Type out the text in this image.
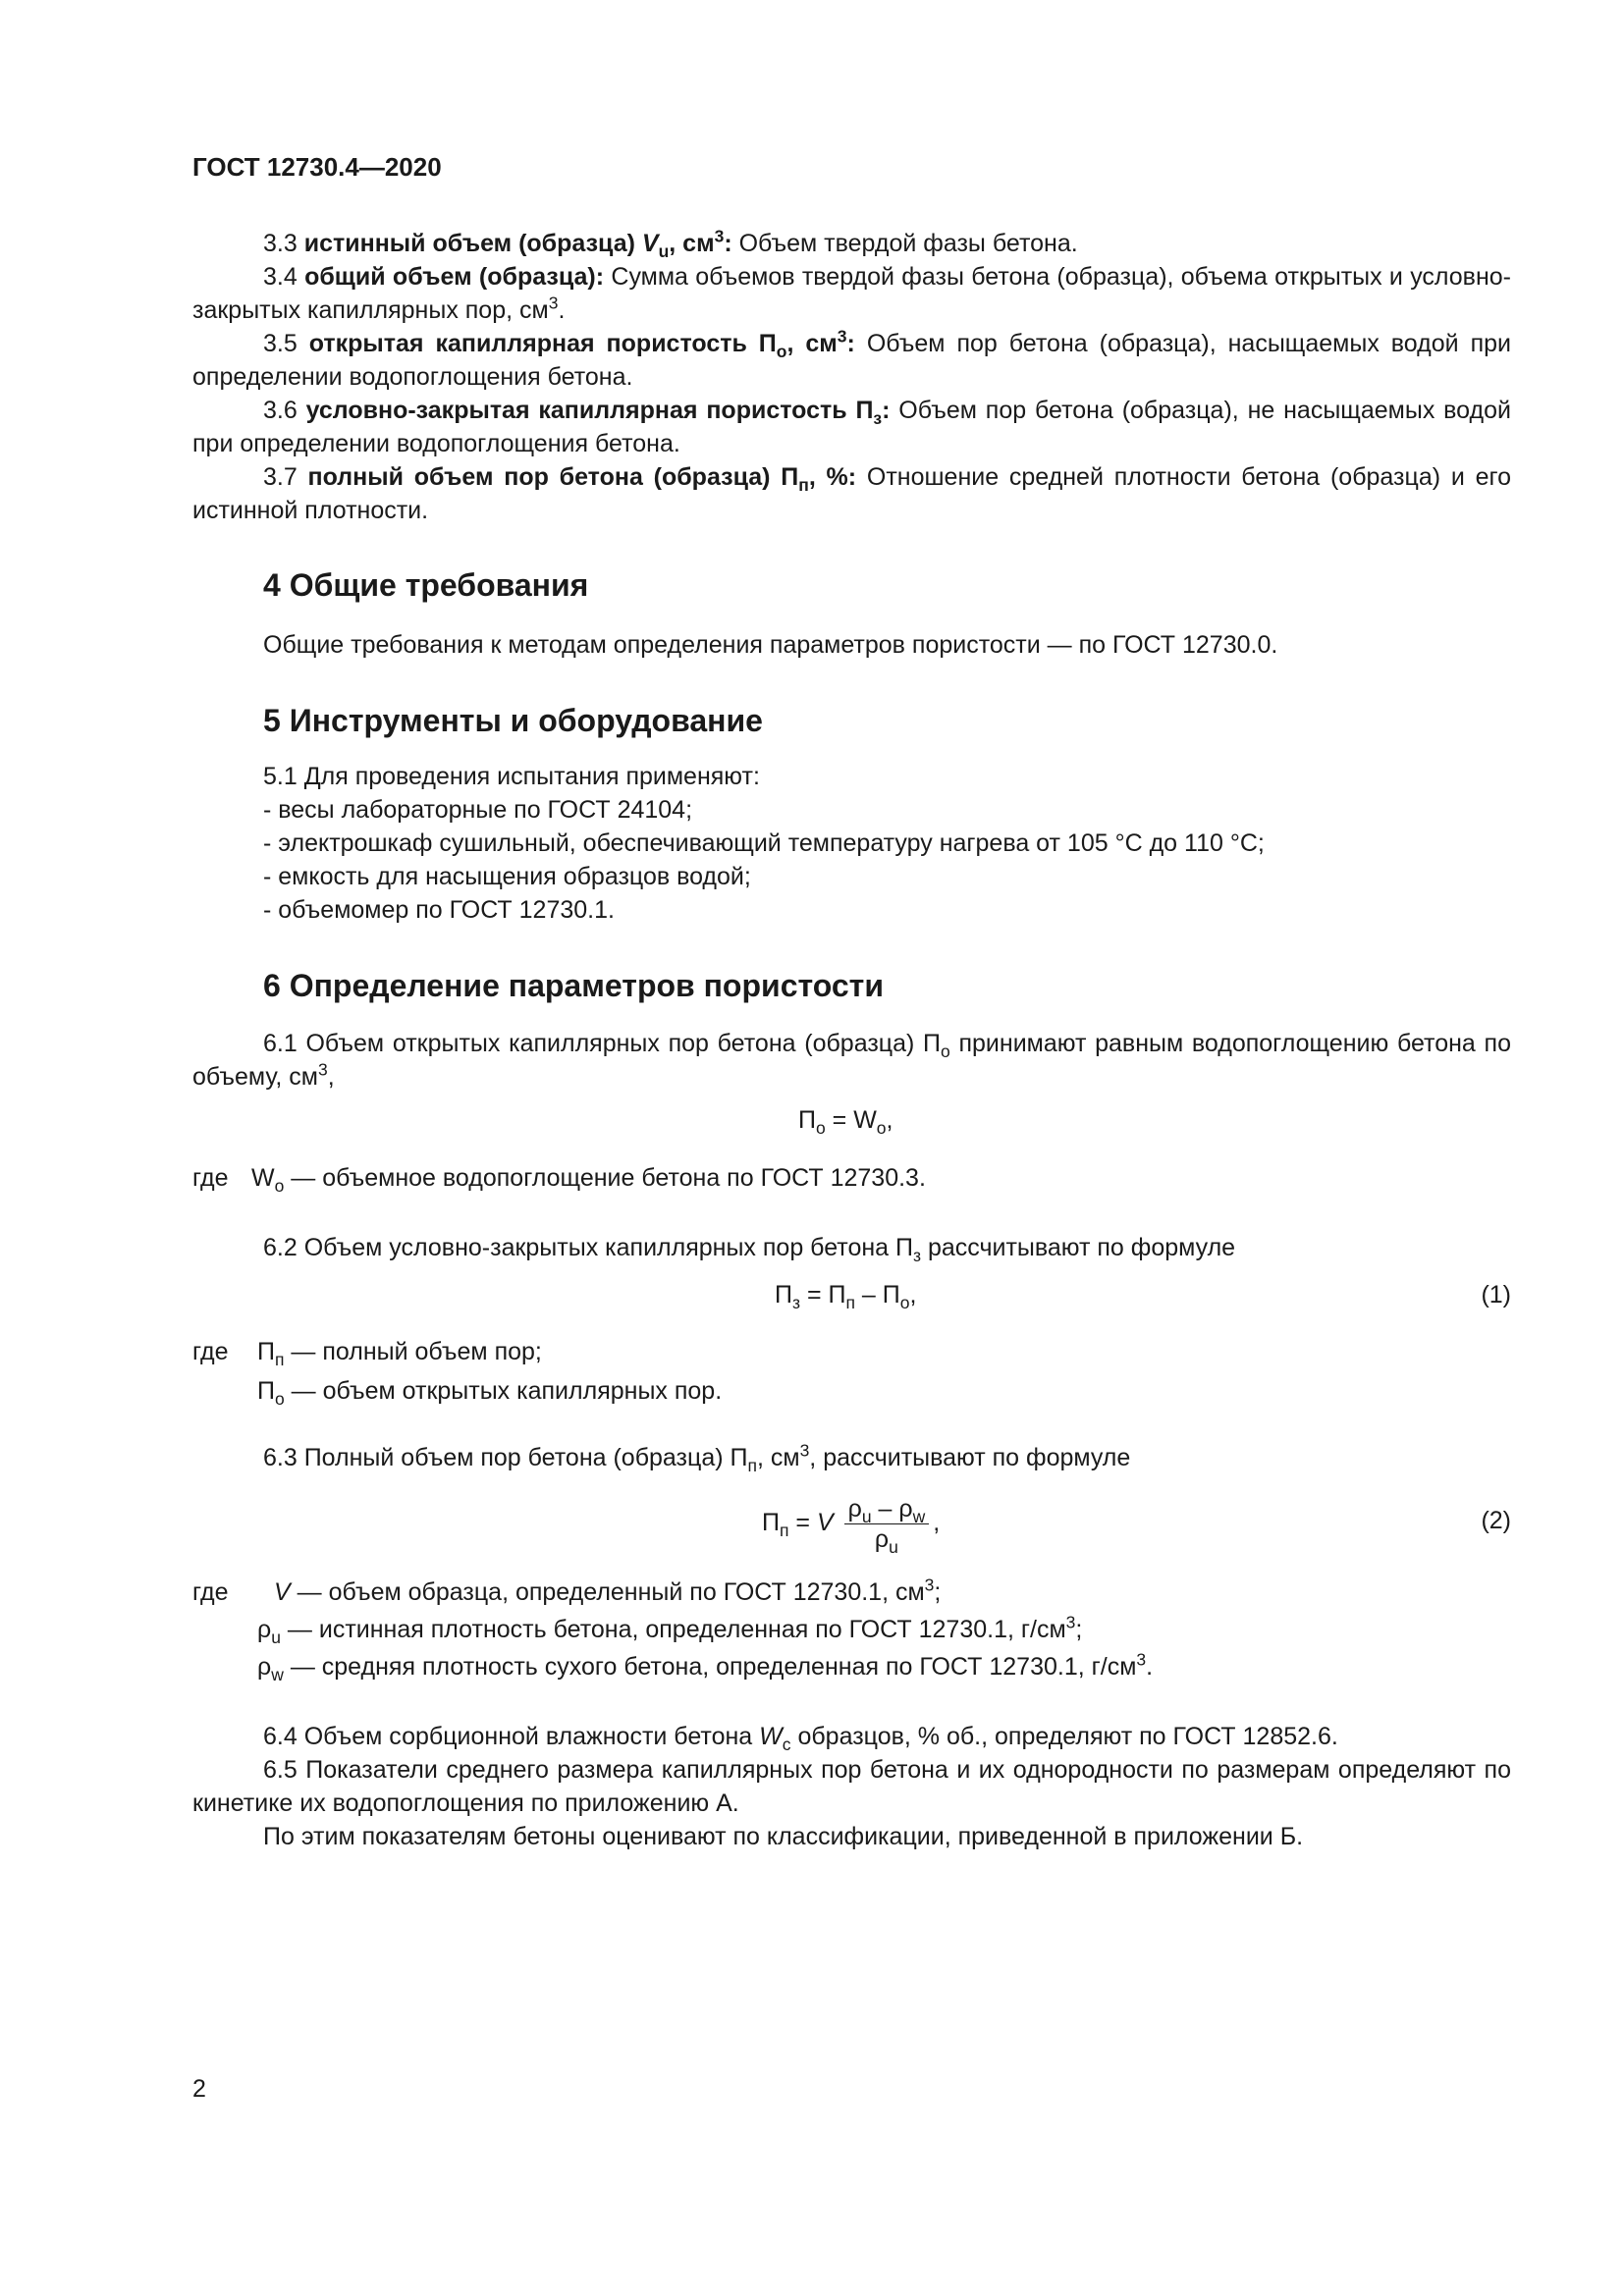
ГОСТ 12730.4—2020
3.3 истинный объем (образца) $V_u$, $см^3$: Объем твердой фазы бетона.
3.4 общий объем (образца): Сумма объемов твердой фазы бетона (образца), объема открытых и условно-закрытых капиллярных пор, $см^3$.
3.5 открытая капиллярная пористость $П_о$, $см^3$: Объем пор бетона (образца), насыщаемых водой при определении водопоглощения бетона.
3.6 условно-закрытая капиллярная пористость $П_з$: Объем пор бетона (образца), не насыщаемых водой при определении водопоглощения бетона.
3.7 полный объем пор бетона (образца) $П_п$, %: Отношение средней плотности бетона (образца) и его истинной плотности.
4 Общие требования
Общие требования к методам определения параметров пористости — по ГОСТ 12730.0.
5 Инструменты и оборудование
5.1 Для проведения испытания применяют:
- весы лабораторные по ГОСТ 24104;
- электрошкаф сушильный, обеспечивающий температуру нагрева от 105 °C до 110 °C;
- емкость для насыщения образцов водой;
- объемомер по ГОСТ 12730.1.
6 Определение параметров пористости
6.1 Объем открытых капиллярных пор бетона (образца) $П_о$ принимают равным водопоглощению бетона по объему, $см^3$,
$П_о = W_о$,
где $W_о$ — объемное водопоглощение бетона по ГОСТ 12730.3.
6.2 Объем условно-закрытых капиллярных пор бетона $П_з$ рассчитывают по формуле
$П_з = П_п - П_о$,	(1)
где $П_п$ — полный объем пор;
$П_о$ — объем открытых капиллярных пор.
6.3 Полный объем пор бетона (образца) $П_п$, $см^3$, рассчитывают по формуле
$П_п = V \frac{\rho_u - \rho_w}{\rho_u}$ ,	(2)
где V — объем образца, определенный по ГОСТ 12730.1, $см^3$;
$\rho_u$ — истинная плотность бетона, определенная по ГОСТ 12730.1, $г/см^3$;
$\rho_w$ — средняя плотность сухого бетона, определенная по ГОСТ 12730.1, $г/см^3$.
6.4 Объем сорбционной влажности бетона $W_c$ образцов, % об., определяют по ГОСТ 12852.6.
6.5 Показатели среднего размера капиллярных пор бетона и их однородности по размерам определяют по кинетике их водопоглощения по приложению А.
По этим показателям бетоны оценивают по классификации, приведенной в приложении Б.
2
